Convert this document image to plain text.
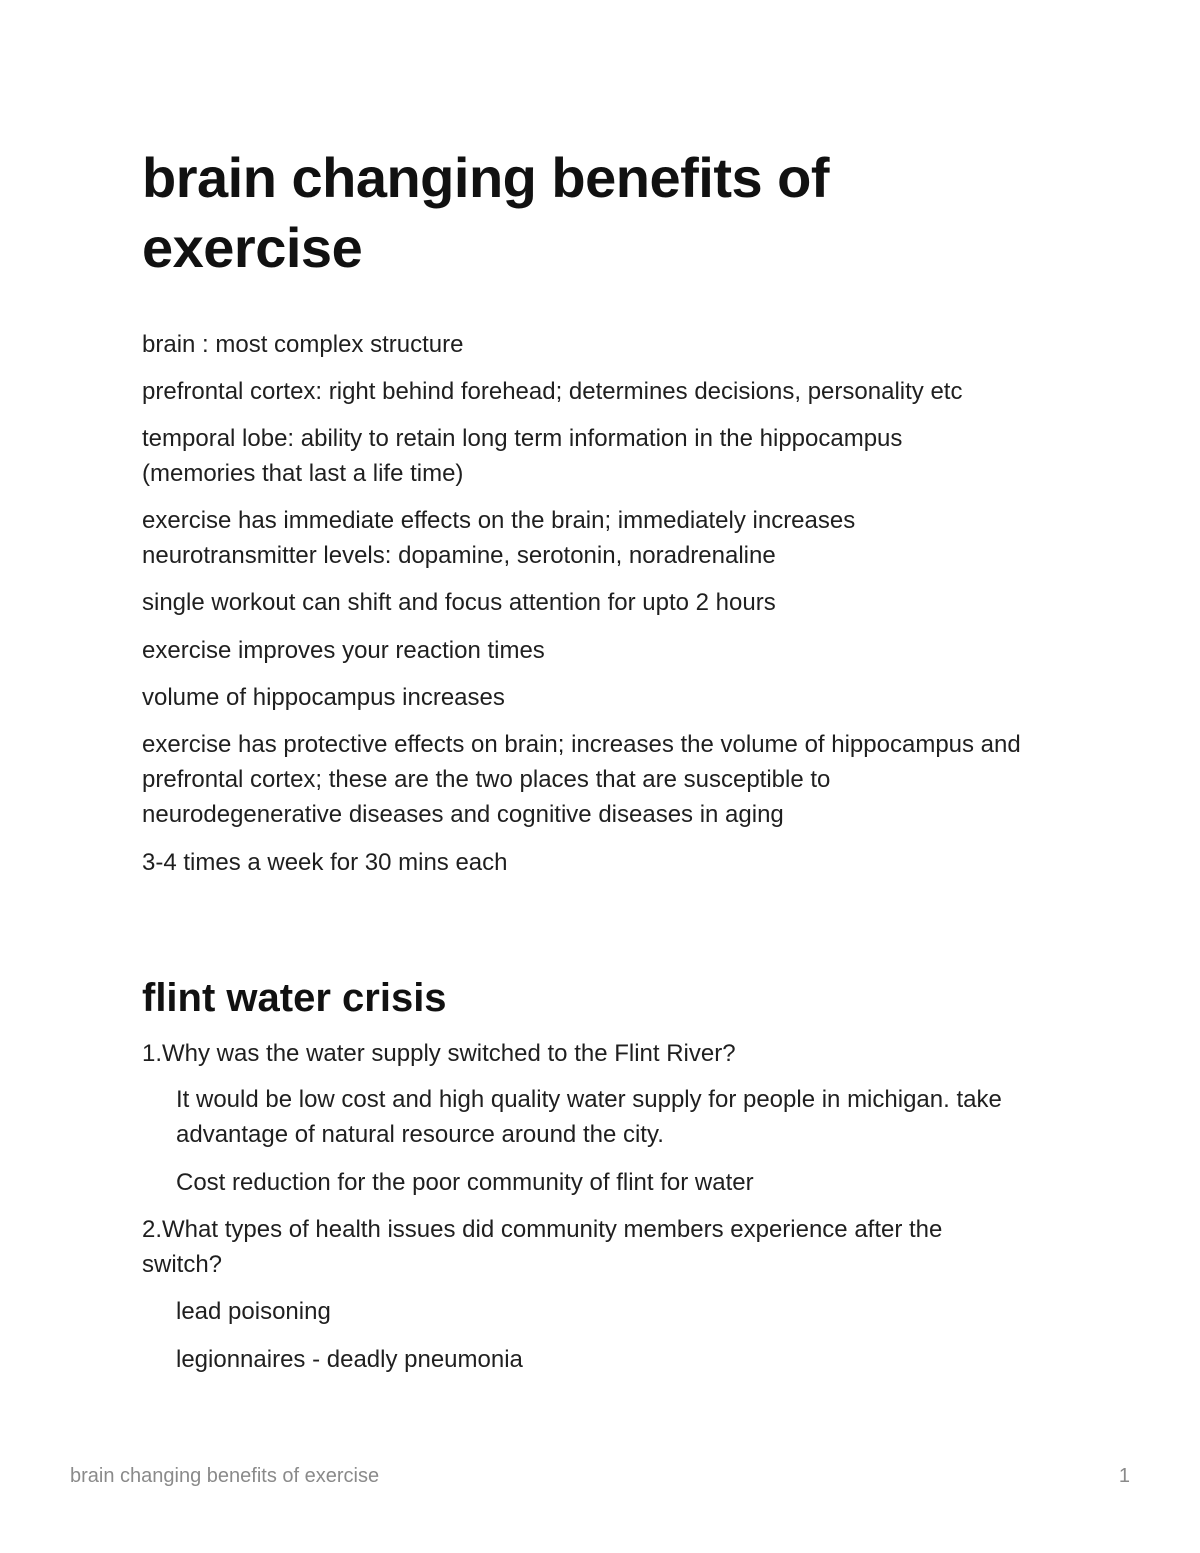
brain changing benefits of exercise

brain : most complex structure

prefrontal cortex: right behind forehead; determines decisions, personality etc

temporal lobe: ability to retain long term information in the hippocampus (memories that last a life time)

exercise has immediate effects on the brain; immediately increases neurotransmitter levels: dopamine, serotonin, noradrenaline

single workout can shift and focus attention for upto 2 hours

exercise improves your reaction times

volume of hippocampus increases

exercise has protective effects on brain; increases the volume of hippocampus and prefrontal cortex; these are the two places that are susceptible to neurodegenerative diseases and cognitive diseases in aging

3-4 times a week for 30 mins each

flint water crisis

1.Why was the water supply switched to the Flint River?

It would be low cost and high quality water supply for people in michigan. take advantage of natural resource around the city.

Cost reduction for the poor community of flint for water

2.What types of health issues did community members experience after the switch?

lead poisoning

legionnaires - deadly pneumonia

brain changing benefits of exercise	1
